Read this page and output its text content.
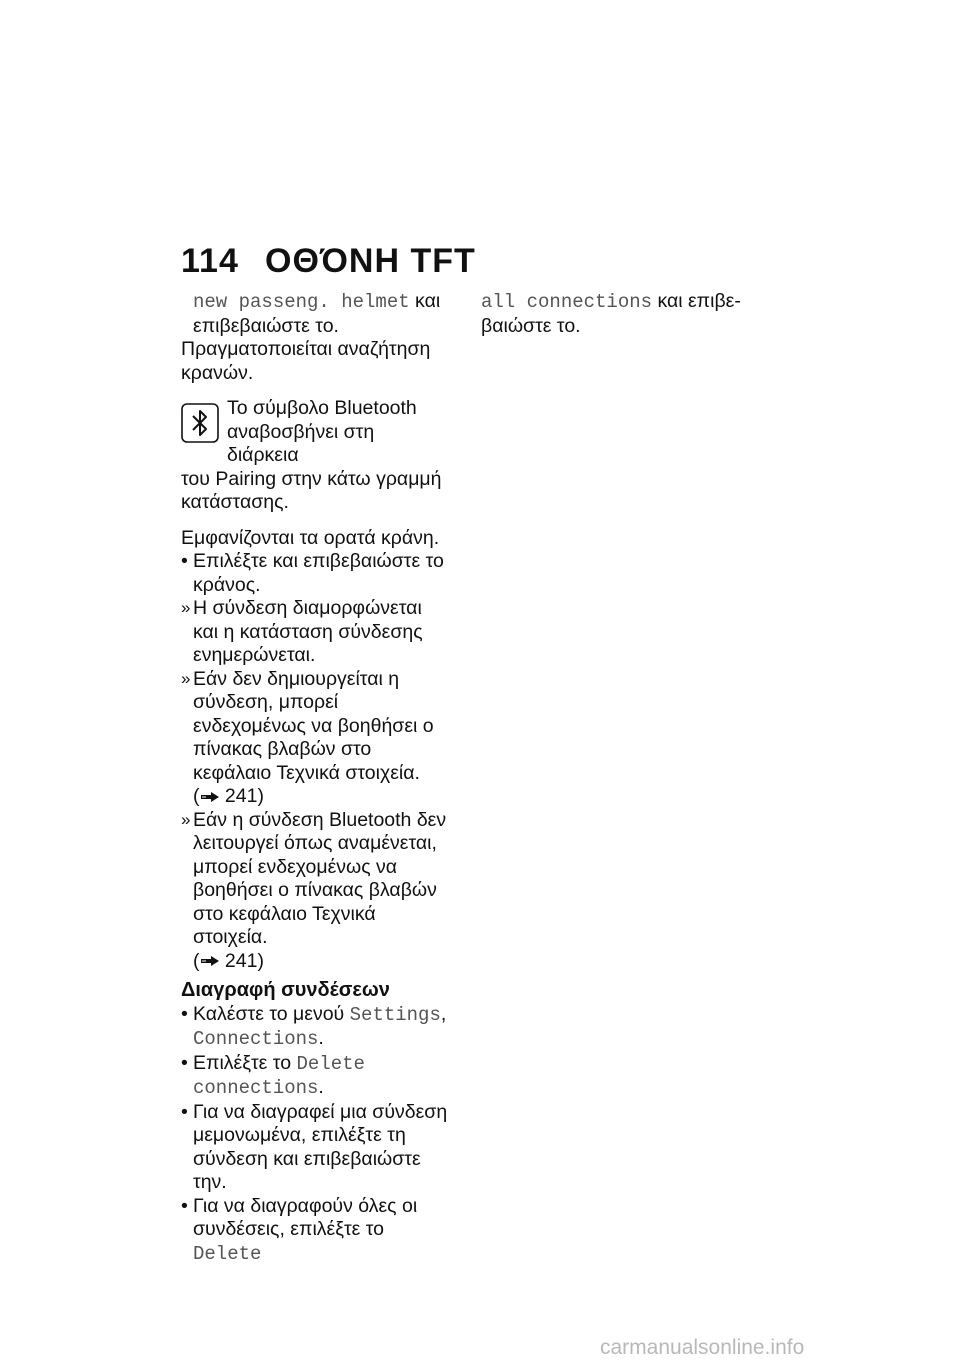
114 ΟΘΌΝΗ TFT

new passeng. helmet και
επιβεβαιώστε το.

Πραγματοποιείται αναζήτηση κρανών.

Το σύμβολο Bluetooth
αναβοσβήνει στη διάρκεια

του Pairing στην κάτω γραμμή κατάστασης.

Εμφανίζονται τα ορατά κράνη.

• Επιλέξτε και επιβεβαιώστε το κράνος.
» Η σύνδεση διαμορφώνεται και η κατάσταση σύνδεσης ενημερώνεται.
» Εάν δεν δημιουργείται η σύνδεση, μπορεί ενδεχομένως να βοηθήσει ο πίνακας βλαβών στο κεφάλαιο Τεχνικά στοιχεία.
( 241)
» Εάν η σύνδεση Bluetooth δεν λειτουργεί όπως αναμένεται, μπορεί ενδεχομένως να βοηθήσει ο πίνακας βλαβών στο κεφάλαιο Τεχνικά στοιχεία.
( 241)
Διαγραφή συνδέσεων
• Καλέστε το μενού Settings,
Connections.
• Επιλέξτε το Delete connections.
• Για να διαγραφεί μια σύνδεση μεμονωμένα, επιλέξτε τη σύνδεση και επιβεβαιώστε την.
• Για να διαγραφούν όλες οι συνδέσεις, επιλέξτε το Delete

all connections και επιβε-
βαιώστε το.

carmanualsonline.info
